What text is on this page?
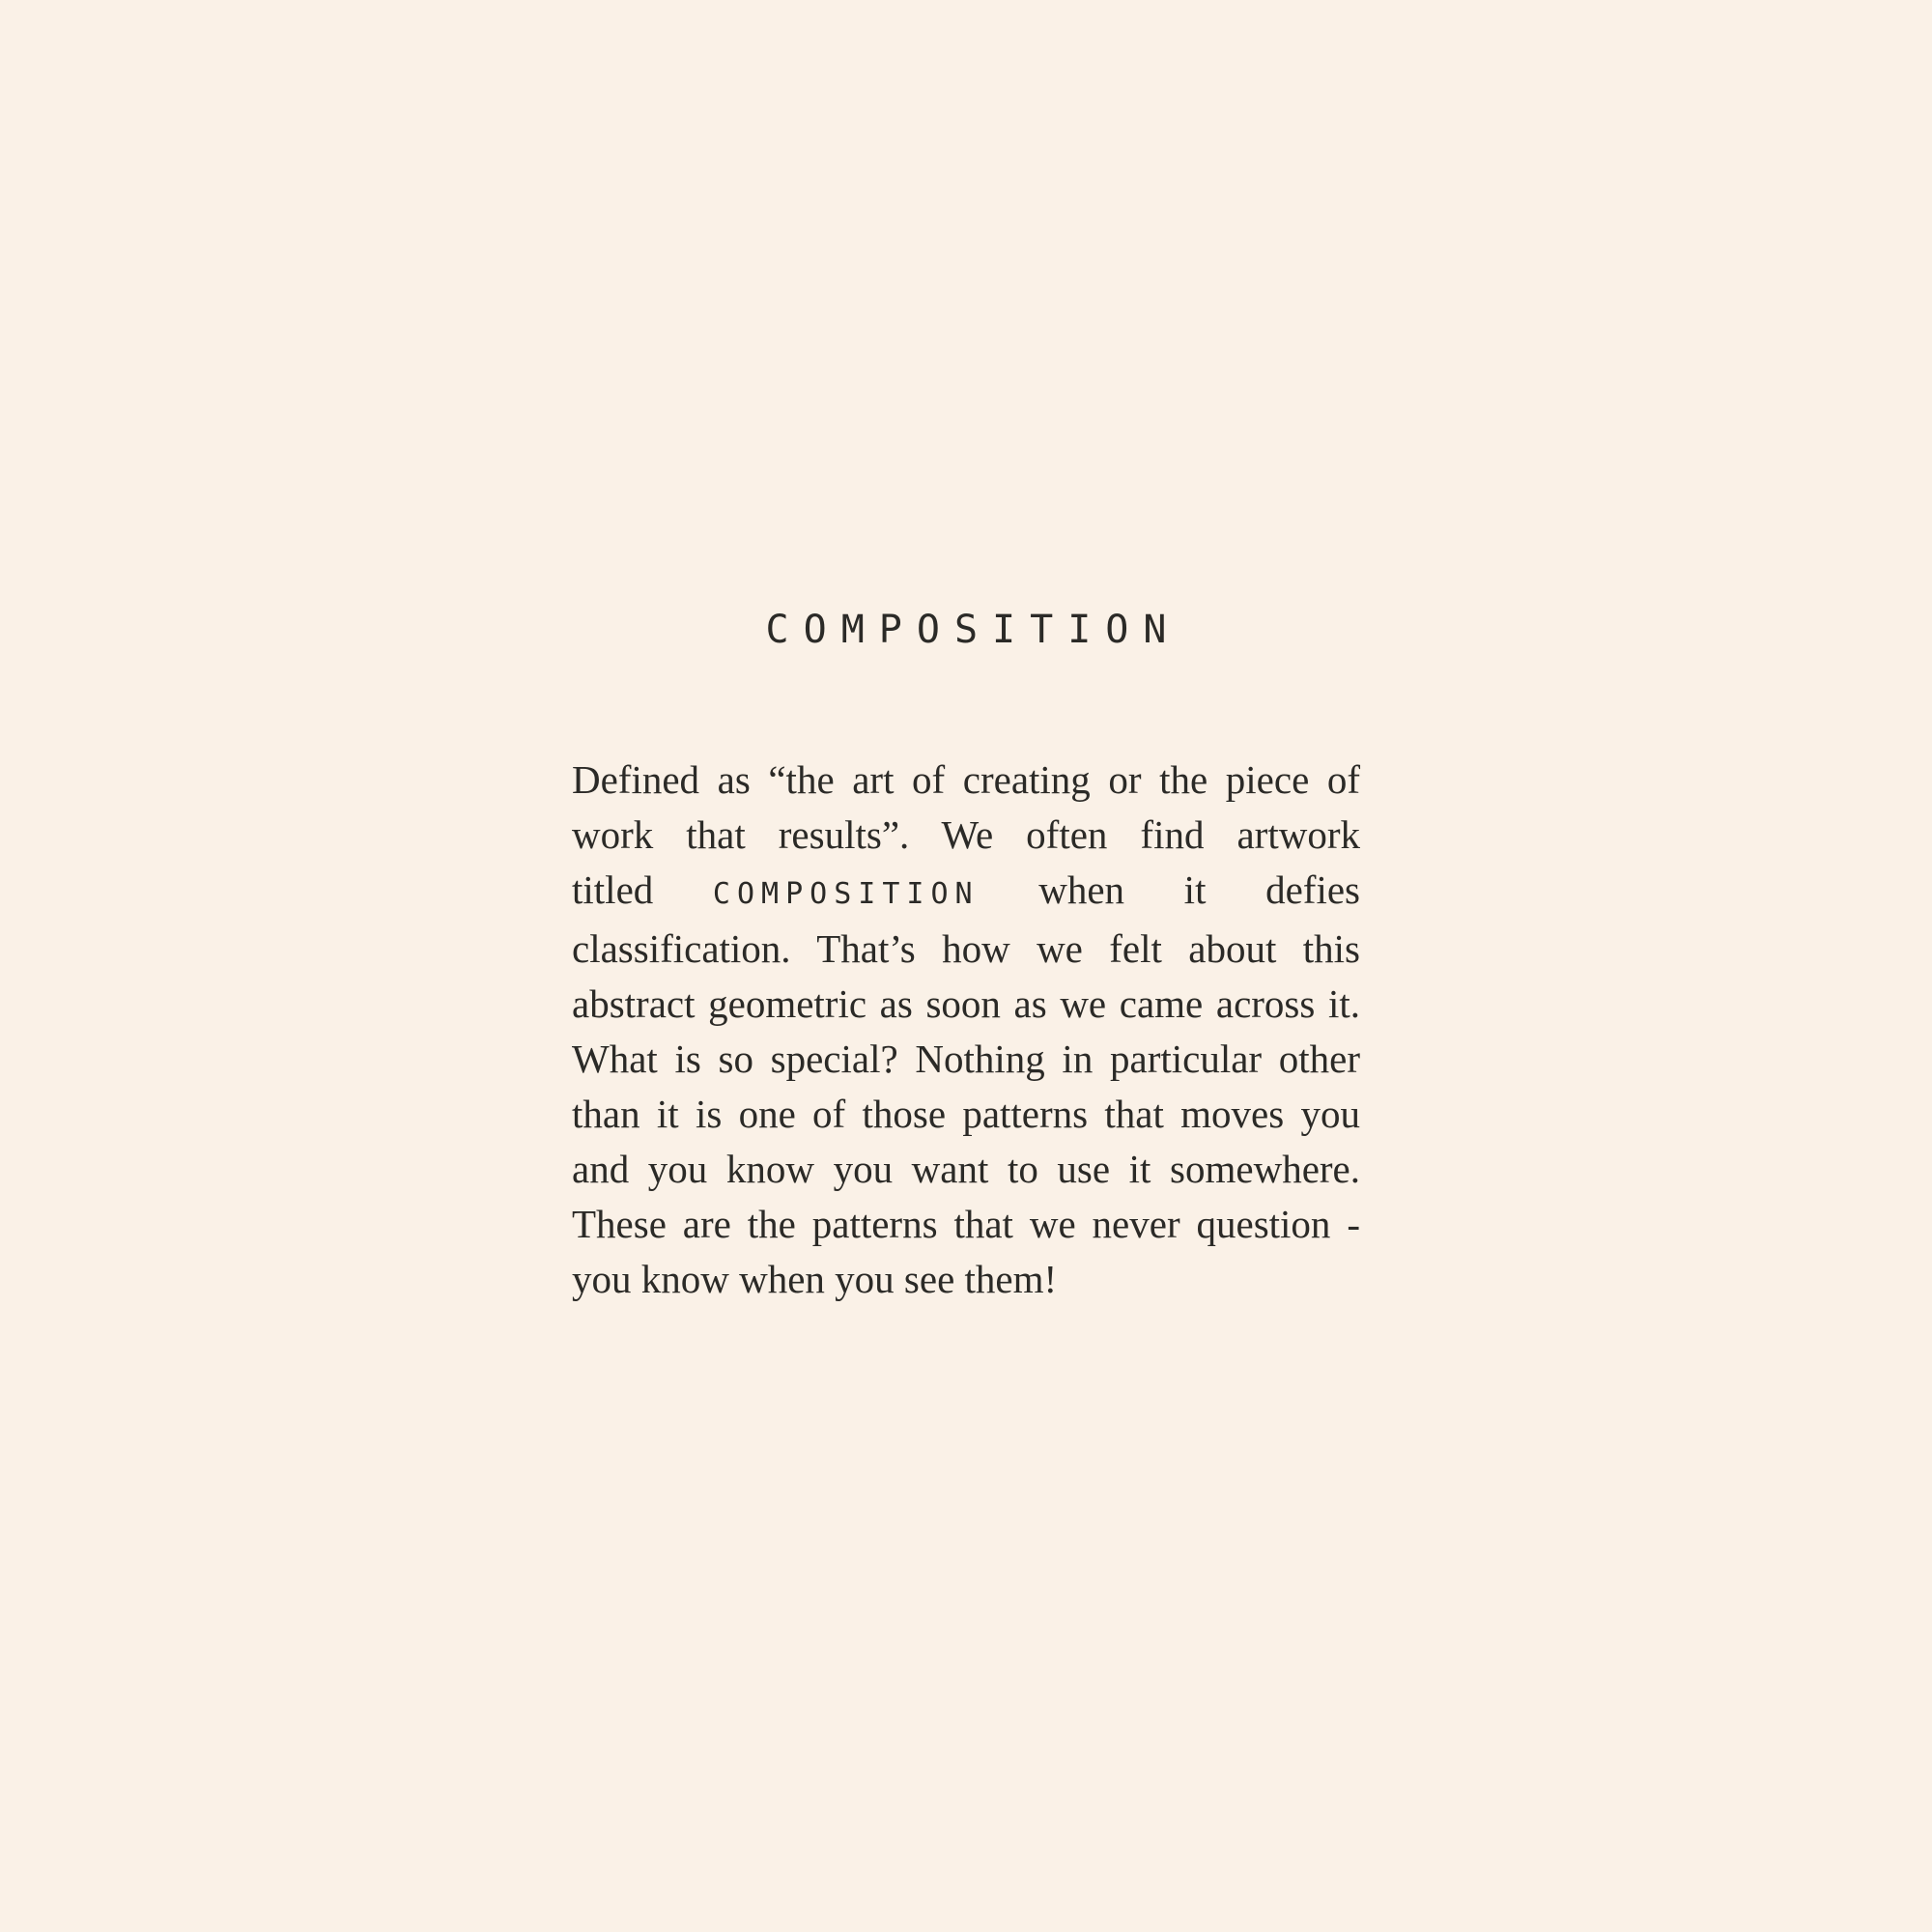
COMPOSITION

Defined as “the art of creating or the piece of work that results”. We often find artwork titled COMPOSITION when it defies classification. That’s how we felt about this abstract geometric as soon as we came across it. What is so special? Nothing in particular other than it is one of those patterns that moves you and you know you want to use it somewhere. These are the patterns that we never question - you know when you see them!
